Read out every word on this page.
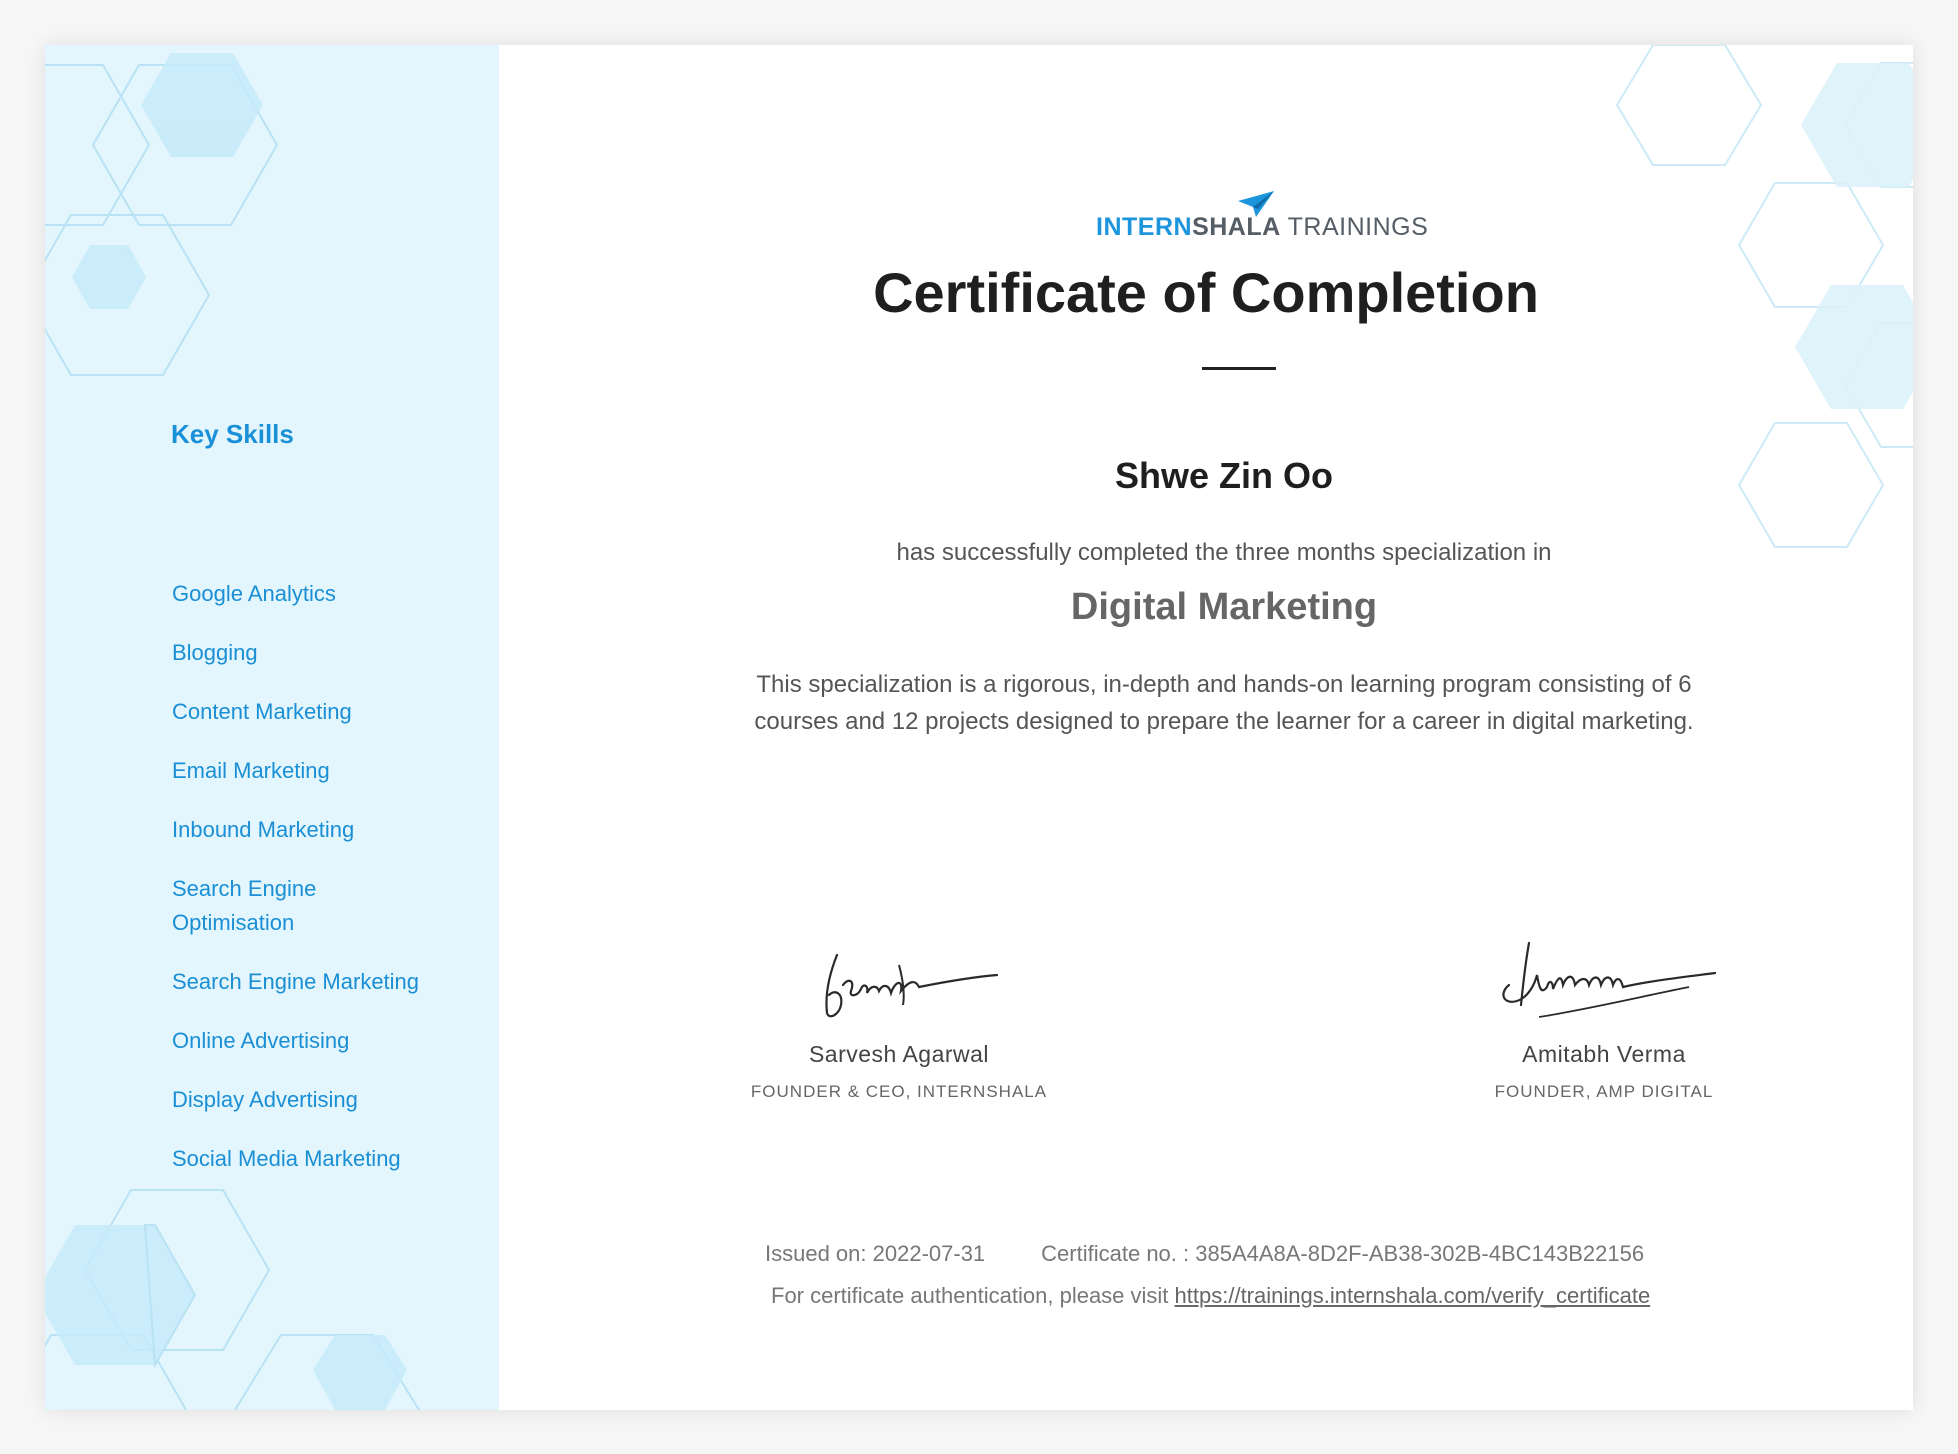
Key Skills
Google Analytics
Blogging
Content Marketing
Email Marketing
Inbound Marketing
Search Engine Optimisation
Search Engine Marketing
Online Advertising
Display Advertising
Social Media Marketing
INTERNSHALA TRAININGS
Certificate of Completion
Shwe Zin Oo
has successfully completed the three months specialization in
Digital Marketing
This specialization is a rigorous, in-depth and hands-on learning program consisting of 6 courses and 12 projects designed to prepare the learner for a career in digital marketing.
Sarvesh Agarwal
FOUNDER & CEO, INTERNSHALA
Amitabh Verma
FOUNDER, AMP DIGITAL
Issued on: 2022-07-31	Certificate no. : 385A4A8A-8D2F-AB38-302B-4BC143B22156
For certificate authentication, please visit https://trainings.internshala.com/verify_certificate
